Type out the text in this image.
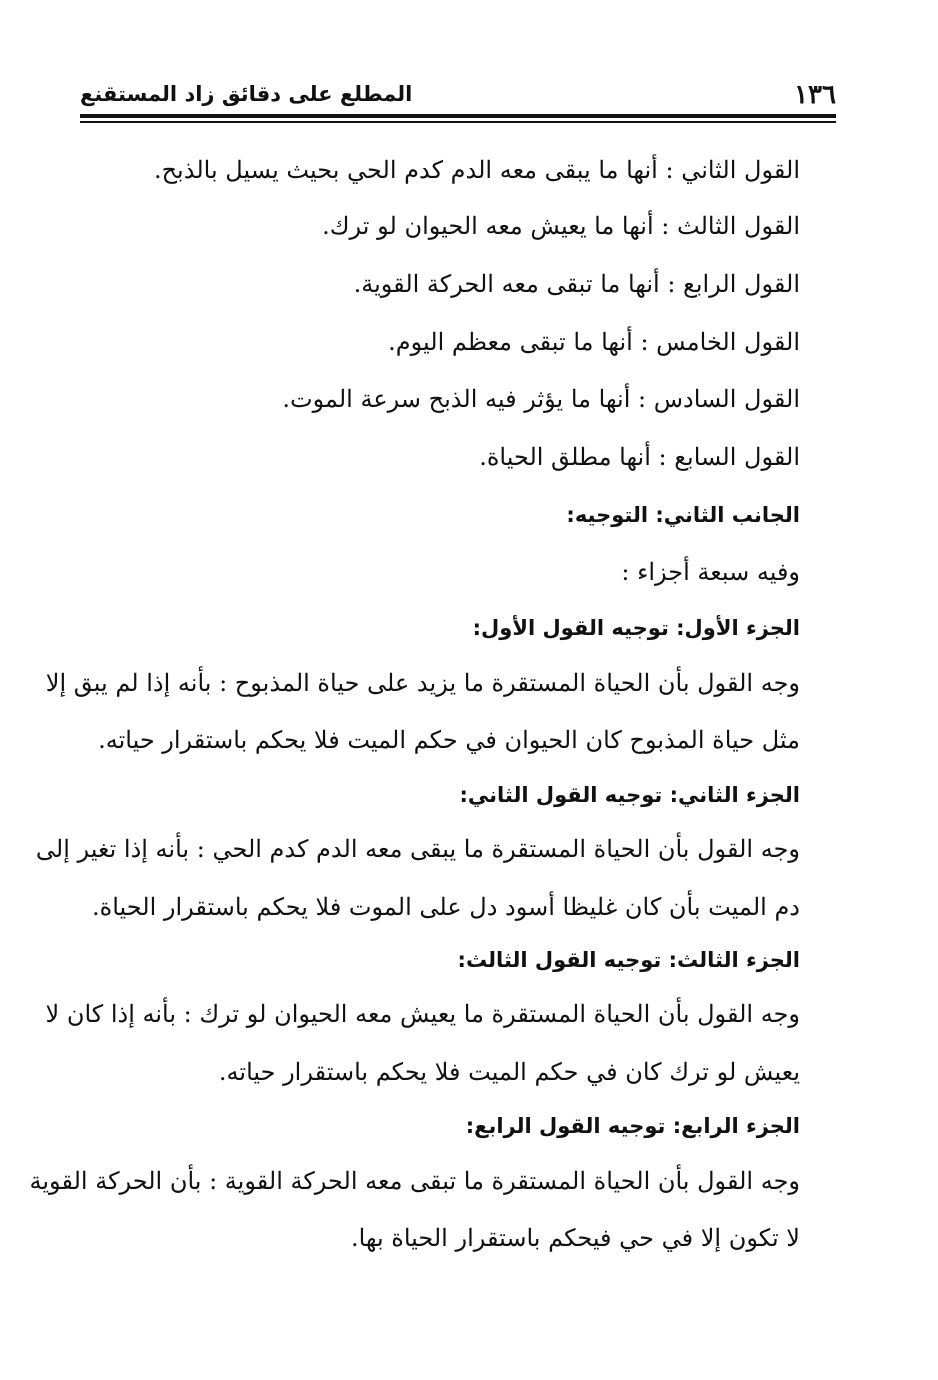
١٣٦
المطلع على دقائق زاد المستقنع
القول الثاني : أنها ما يبقى معه الدم كدم الحي بحيث يسيل بالذبح.
القول الثالث : أنها ما يعيش معه الحيوان لو ترك.
القول الرابع : أنها ما تبقى معه الحركة القوية.
القول الخامس : أنها ما تبقى معظم اليوم.
القول السادس : أنها ما يؤثر فيه الذبح سرعة الموت.
القول السابع : أنها مطلق الحياة.
الجانب الثاني: التوجيه:
وفيه سبعة أجزاء :
الجزء الأول: توجيه القول الأول:
وجه القول بأن الحياة المستقرة ما يزيد على حياة المذبوح : بأنه إذا لم يبق إلا
مثل حياة المذبوح كان الحيوان في حكم الميت فلا يحكم باستقرار حياته.
الجزء الثاني: توجيه القول الثاني:
وجه القول بأن الحياة المستقرة ما يبقى معه الدم كدم الحي : بأنه إذا تغير إلى
دم الميت بأن كان غليظا أسود دل على الموت فلا يحكم باستقرار الحياة.
الجزء الثالث: توجيه القول الثالث:
وجه القول بأن الحياة المستقرة ما يعيش معه الحيوان لو ترك : بأنه إذا كان لا
يعيش لو ترك كان في حكم الميت فلا يحكم باستقرار حياته.
الجزء الرابع: توجيه القول الرابع:
وجه القول بأن الحياة المستقرة ما تبقى معه الحركة القوية : بأن الحركة القوية
لا تكون إلا في حي فيحكم باستقرار الحياة بها.
